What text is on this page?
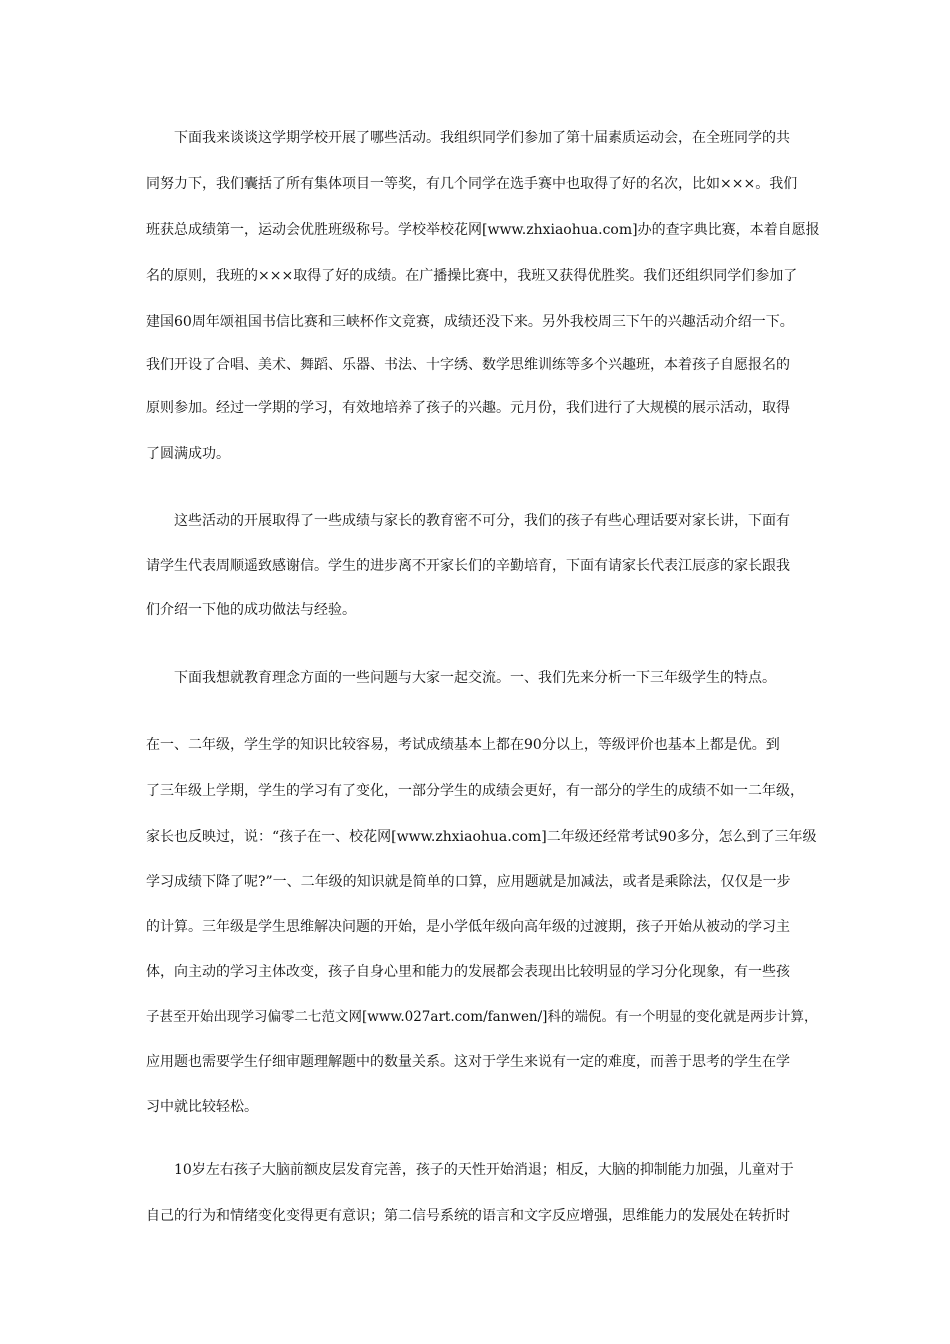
下面我来谈谈这学期学校开展了哪些活动。我组织同学们参加了第十届素质运动会，在全班同学的共
同努力下，我们囊括了所有集体项目一等奖，有几个同学在选手赛中也取得了好的名次，比如×××。我们
班获总成绩第一，运动会优胜班级称号。学校举校花网[www.zhxiaohua.com]办的查字典比赛，本着自愿报
名的原则，我班的×××取得了好的成绩。在广播操比赛中，我班又获得优胜奖。我们还组织同学们参加了
建国60周年颂祖国书信比赛和三峡杯作文竞赛，成绩还没下来。另外我校周三下午的兴趣活动介绍一下。
我们开设了合唱、美术、舞蹈、乐器、书法、十字绣、数学思维训练等多个兴趣班，本着孩子自愿报名的
原则参加。经过一学期的学习，有效地培养了孩子的兴趣。元月份，我们进行了大规模的展示活动，取得
了圆满成功。
这些活动的开展取得了一些成绩与家长的教育密不可分，我们的孩子有些心理话要对家长讲，下面有
请学生代表周顺遥致感谢信。学生的进步离不开家长们的辛勤培育，下面有请家长代表江辰彦的家长跟我
们介绍一下他的成功做法与经验。
下面我想就教育理念方面的一些问题与大家一起交流。一、我们先来分析一下三年级学生的特点。
在一、二年级，学生学的知识比较容易，考试成绩基本上都在90分以上，等级评价也基本上都是优。到
了三年级上学期，学生的学习有了变化，一部分学生的成绩会更好，有一部分的学生的成绩不如一二年级，
家长也反映过，说：“孩子在一、校花网[www.zhxiaohua.com]二年级还经常考试90多分，怎么到了三年级
学习成绩下降了呢?”一、二年级的知识就是简单的口算，应用题就是加减法，或者是乘除法，仅仅是一步
的计算。三年级是学生思维解决问题的开始，是小学低年级向高年级的过渡期，孩子开始从被动的学习主
体，向主动的学习主体改变，孩子自身心里和能力的发展都会表现出比较明显的学习分化现象，有一些孩
子甚至开始出现学习偏零二七范文网[www.027art.com/fanwen/]科的端倪。有一个明显的变化就是两步计算，
应用题也需要学生仔细审题理解题中的数量关系。这对于学生来说有一定的难度，而善于思考的学生在学
习中就比较轻松。
10岁左右孩子大脑前额皮层发育完善，孩子的天性开始消退；相反，大脑的抑制能力加强，儿童对于
自己的行为和情绪变化变得更有意识；第二信号系统的语言和文字反应增强，思维能力的发展处在转折时
